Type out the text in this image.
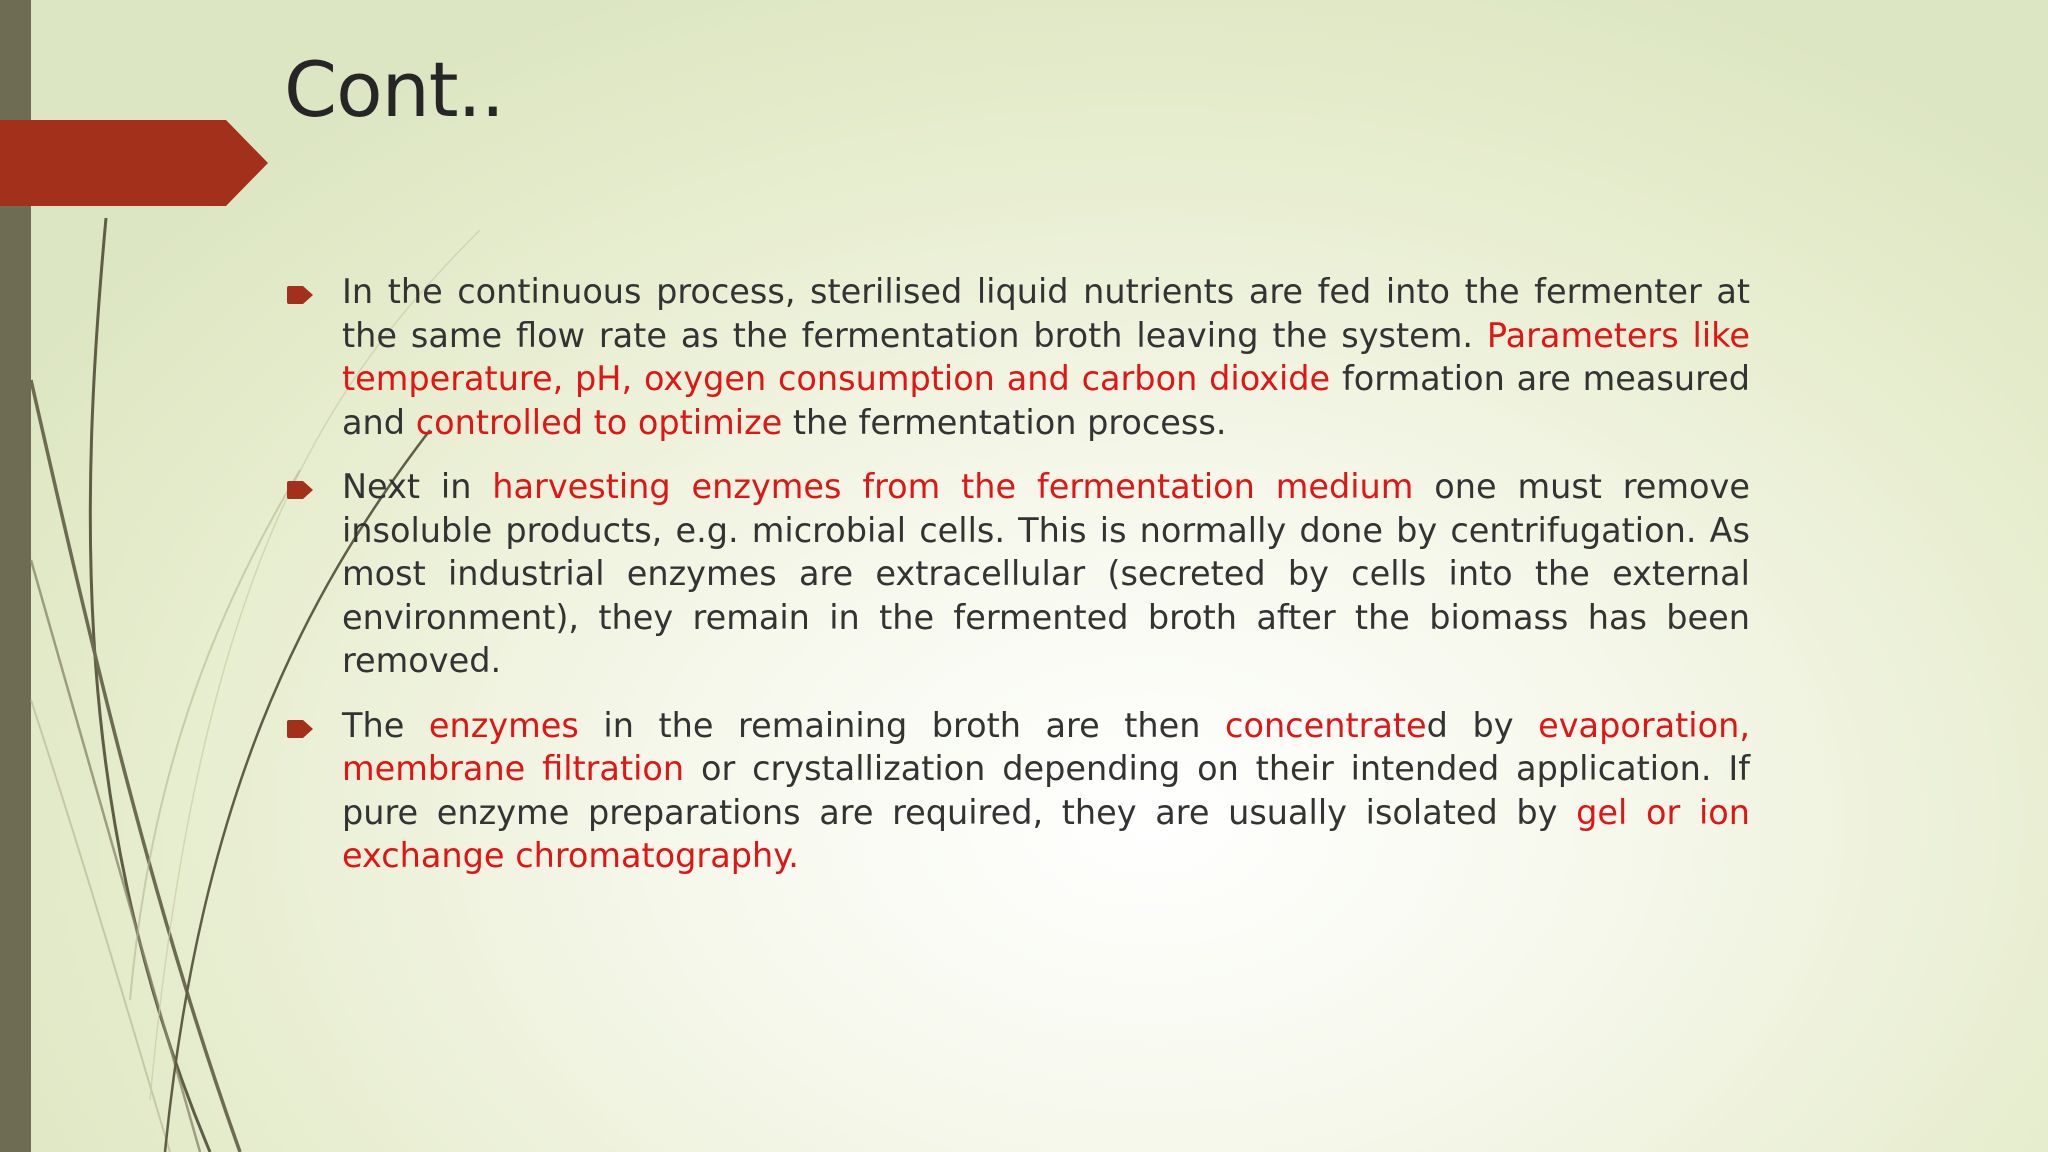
Cont..

In the continuous process, sterilised liquid nutrients are fed into the fermenter at the same flow rate as the fermentation broth leaving the system. Parameters like temperature, pH, oxygen consumption and carbon dioxide formation are measured and controlled to optimize the fermentation process.

Next in harvesting enzymes from the fermentation medium one must remove insoluble products, e.g. microbial cells. This is normally done by centrifugation. As most industrial enzymes are extracellular (secreted by cells into the external environment), they remain in the fermented broth after the biomass has been removed.

The enzymes in the remaining broth are then concentrated by evaporation, membrane filtration or crystallization depending on their intended application. If pure enzyme preparations are required, they are usually isolated by gel or ion exchange chromatography.
